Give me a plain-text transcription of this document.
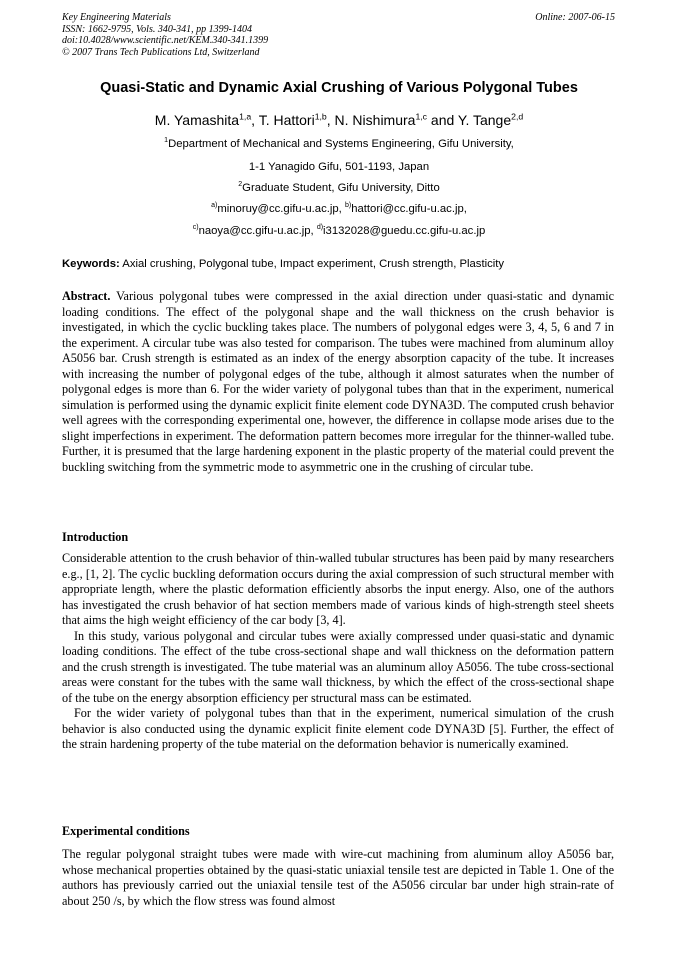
Key Engineering Materials
ISSN: 1662-9795, Vols. 340-341, pp 1399-1404
doi:10.4028/www.scientific.net/KEM.340-341.1399
© 2007 Trans Tech Publications Ltd, Switzerland
Online: 2007-06-15
Quasi-Static and Dynamic Axial Crushing of Various Polygonal Tubes
M. Yamashita$^{1,a}$, T. Hattori$^{1,b}$, N. Nishimura$^{1,c}$ and Y. Tange$^{2,d}$
$^1$Department of Mechanical and Systems Engineering, Gifu University,
1-1 Yanagido Gifu, 501-1193, Japan
$^2$Graduate Student, Gifu University, Ditto
$^{a)}$minoruy@cc.gifu-u.ac.jp, $^{b)}$hattori@cc.gifu-u.ac.jp,
$^{c)}$naoya@cc.gifu-u.ac.jp, $^{d)}$i3132028@guedu.cc.gifu-u.ac.jp
Keywords: Axial crushing, Polygonal tube, Impact experiment, Crush strength, Plasticity

Abstract. Various polygonal tubes were compressed in the axial direction under quasi-static and dynamic loading conditions. The effect of the polygonal shape and the wall thickness on the crush behavior is investigated, in which the cyclic buckling takes place. The numbers of polygonal edges were 3, 4, 5, 6 and 7 in the experiment. A circular tube was also tested for comparison. The tubes were machined from aluminum alloy A5056 bar. Crush strength is estimated as an index of the energy absorption capacity of the tube. It increases with increasing the number of polygonal edges of the tube, although it almost saturates when the number of polygonal edges is more than 6. For the wider variety of polygonal tubes than that in the experiment, numerical simulation is performed using the dynamic explicit finite element code DYNA3D. The computed crush behavior well agrees with the corresponding experimental one, however, the difference in collapse mode arises due to the slight imperfections in experiment. The deformation pattern becomes more irregular for the thinner-walled tube. Further, it is presumed that the large hardening exponent in the plastic property of the material could prevent the buckling switching from the symmetric mode to asymmetric one in the crushing of circular tube.

Introduction

Considerable attention to the crush behavior of thin-walled tubular structures has been paid by many researchers e.g., [1, 2]. The cyclic buckling deformation occurs during the axial compression of such structural member with appropriate length, where the plastic deformation efficiently absorbs the input energy. Also, one of the authors has investigated the crush behavior of hat section members made of various kinds of high-strength steel sheets that aims the high weight efficiency of the car body [3, 4].

In this study, various polygonal and circular tubes were axially compressed under quasi-static and dynamic loading conditions. The effect of the tube cross-sectional shape and wall thickness on the deformation pattern and the crush strength is investigated. The tube material was an aluminum alloy A5056. The tube cross-sectional areas were constant for the tubes with the same wall thickness, by which the effect of the cross-sectional shape of the tube on the energy absorption efficiency per structural mass can be estimated.

For the wider variety of polygonal tubes than that in the experiment, numerical simulation of the crush behavior is also conducted using the dynamic explicit finite element code DYNA3D [5]. Further, the effect of the strain hardening property of the tube material on the deformation behavior is numerically examined.

Experimental conditions

The regular polygonal straight tubes were made with wire-cut machining from aluminum alloy A5056 bar, whose mechanical properties obtained by the quasi-static uniaxial tensile test are depicted in Table 1. One of the authors has previously carried out the uniaxial tensile test of the A5056 circular bar under high strain-rate of about 250 /s, by which the flow stress was found almost
